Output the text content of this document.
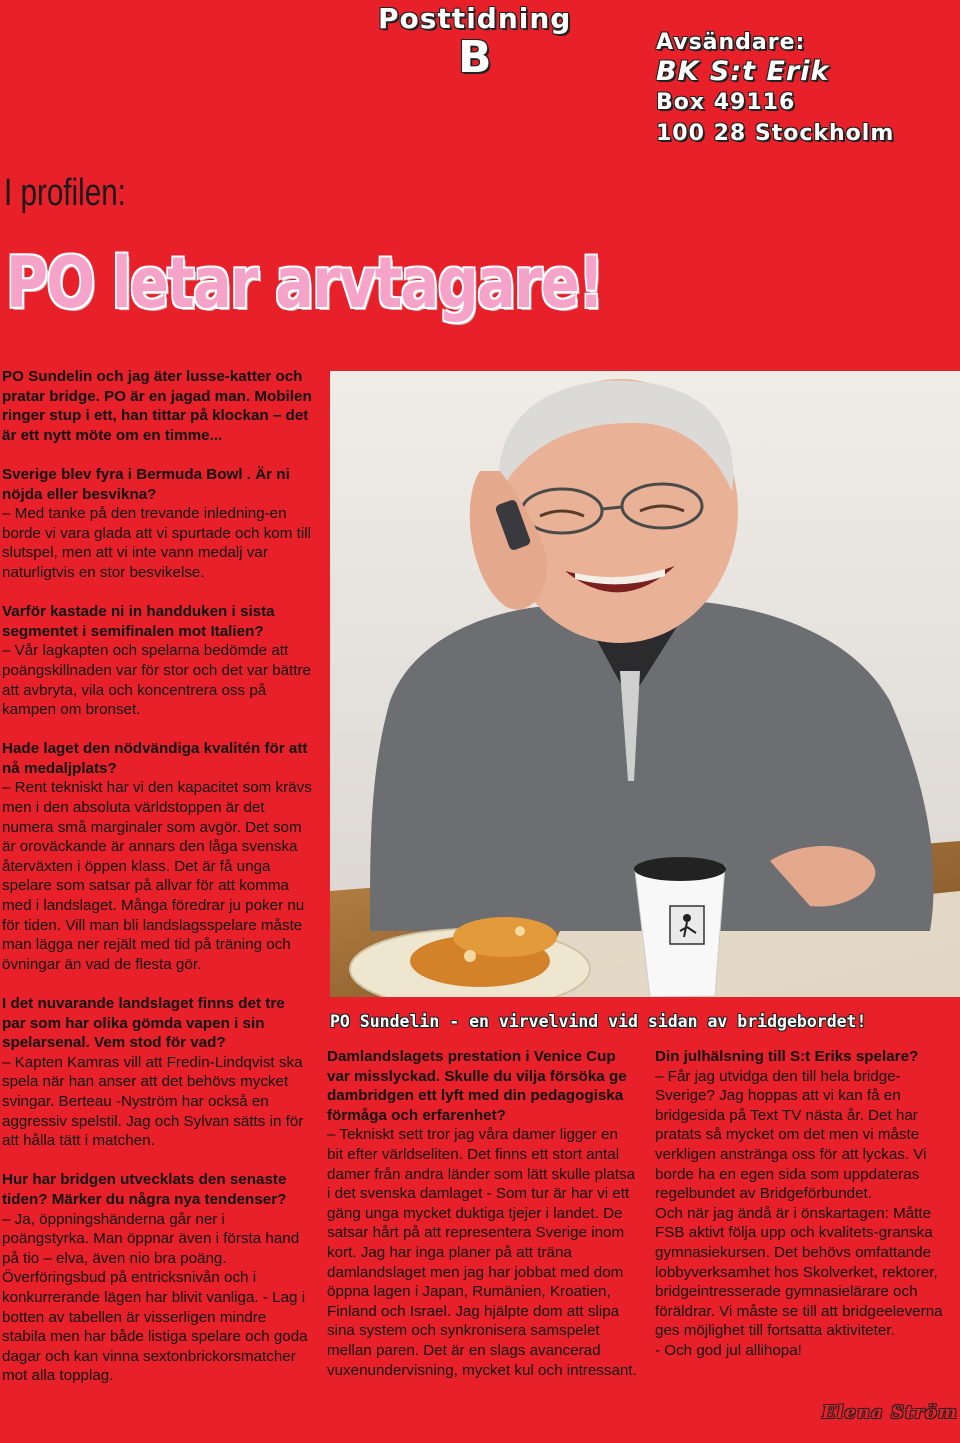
Posttidning

B	Avsändare:

BK S:t Erik

Box 49116

100 28 Stockholm

I profilen:

PO letar arvtagare!

PO Sundelin och jag äter lusse-katter och pratar bridge. PO är en jagad man. Mobilen ringer stup i ett, han tittar på klockan – det är ett nytt möte om en timme...

Sverige blev fyra i Bermuda Bowl . Är ni nöjda eller besvikna?

– Med tanke på den trevande inledning-en borde vi vara glada att vi spurtade och kom till slutspel, men att vi inte vann medalj var naturligtvis en stor besvikelse.

Varför kastade ni in handduken i sista segmentet i semifinalen mot Italien?

– Vår lagkapten och spelarna bedömde att poängskillnaden var för stor och det var bättre att avbryta, vila och koncentrera oss på kampen om bronset.

Hade laget den nödvändiga kvalitén för att nå medaljplats?

– Rent tekniskt har vi den kapacitet som krävs men i den absoluta världstoppen är det numera små marginaler som avgör. Det som är oroväckande är annars den låga svenska återväxten i öppen klass. Det är få unga spelare som satsar på allvar för att komma med i landslaget. Många föredrar ju poker nu för tiden. Vill man bli landslagsspelare måste man lägga ner rejält med tid på träning och övningar än vad de flesta gör.

I det nuvarande landslaget finns det tre par som har olika gömda vapen i sin spelarsenal. Vem stod för vad?

– Kapten Kamras vill att Fredin-Lindqvist ska spela när han anser att det behövs mycket svingar. Berteau -Nyström har också en aggressiv spelstil. Jag och Sylvan sätts in för att hålla tätt i matchen.

Hur har bridgen utvecklats den senaste tiden? Märker du några nya tendenser?

– Ja, öppningshänderna går ner i poängstyrka. Man öppnar även i första hand på tio – elva, även nio bra poäng. Överföringsbud på entricksnivån och i konkurrerande lägen har blivit vanliga. - Lag i botten av tabellen är visserligen mindre stabila men har både listiga spelare och goda dagar och kan vinna sextonbrickorsmatcher mot alla topplag.

PO Sundelin - en virvelvind vid sidan av bridgebordet!

Damlandslagets prestation i Venice Cup var misslyckad. Skulle du vilja försöka ge dambridgen ett lyft med din pedagogiska förmåga och erfarenhet?

– Tekniskt sett tror jag våra damer ligger en bit efter världseliten. Det finns ett stort antal damer från andra länder som lätt skulle platsa i det svenska damlaget - Som tur är har vi ett gäng unga mycket duktiga tjejer i landet. De satsar hårt på att representera Sverige inom kort. Jag har inga planer på att träna damlandslaget men jag har jobbat med dom öppna lagen i Japan, Rumänien, Kroatien, Finland och Israel. Jag hjälpte dom att slipa sina system och synkronisera samspelet mellan paren. Det är en slags avancerad vuxenundervisning, mycket kul och intressant.

Din julhälsning till S:t Eriks spelare?

– Får jag utvidga den till hela bridge-Sverige? Jag hoppas att vi kan få en bridgesida på Text TV nästa år. Det har pratats så mycket om det men vi måste verkligen anstränga oss för att lyckas. Vi borde ha en egen sida som uppdateras regelbundet av Bridgeförbundet.

Och när jag ändå är i önskartagen: Måtte FSB aktivt följa upp och kvalitets-granska gymnasiekursen. Det behövs omfattande lobbyverksamhet hos Skolverket, rektorer, bridgeintresserade gymnasielärare och föräldrar. Vi måste se till att bridgeeleverna ges möjlighet till fortsatta aktiviteter.

- Och god jul allihopa!

Elena Ström
